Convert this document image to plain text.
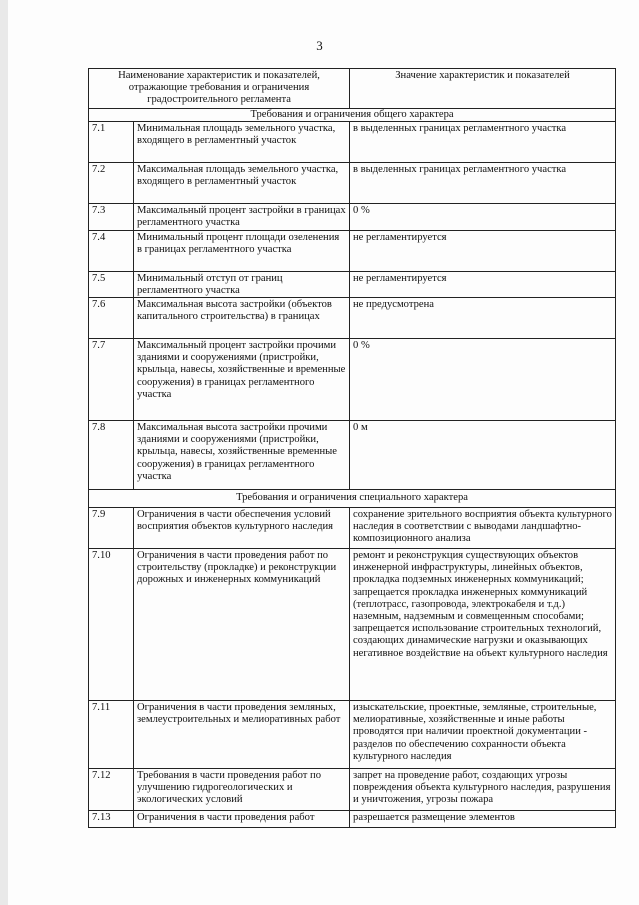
3
Наименование характеристик и показателей, отражающие требования и ограничения градостроительного регламента		Значение характеристик и показателей
Требования и ограничения общего характера		
7.1	Минимальная площадь земельного участка, входящего в регламентный участок	в выделенных границах регламентного участка
7.2	Максимальная площадь земельного участка, входящего в регламентный участок	в выделенных границах регламентного участка
7.3	Максимальный процент застройки в границах регламентного участка	0 %
7.4	Минимальный процент площади озеленения в границах регламентного участка	не регламентируется
7.5	Минимальный отступ от границ регламентного участка	не регламентируется
7.6	Максимальная высота застройки (объектов капитального строительства) в границах	не предусмотрена
7.7	Максимальный процент застройки прочими зданиями и сооружениями (пристройки, крыльца, навесы, хозяйственные и временные сооружения) в границах регламентного участка	0 %
7.8	Максимальная высота застройки прочими зданиями и сооружениями (пристройки, крыльца, навесы, хозяйственные временные сооружения) в границах регламентного участка	0 м
Требования и ограничения специального характера		
7.9	Ограничения в части обеспечения условий восприятия объектов культурного наследия	сохранение зрительного восприятия объекта культурного наследия в соответствии с выводами ландшафтно-композиционного анализа
7.10	Ограничения в части проведения работ по строительству (прокладке) и реконструкции дорожных и инженерных коммуникаций	ремонт и реконструкция существующих объектов инженерной инфраструктуры, линейных объектов, прокладка подземных инженерных коммуникаций; запрещается прокладка инженерных коммуникаций (теплотрасс, газопровода, электрокабеля и т.д.) наземным, надземным и совмещенным способами; запрещается использование строительных технологий, создающих динамические нагрузки и оказывающих негативное воздействие на объект культурного наследия
7.11	Ограничения в части проведения земляных, землеустроительных и мелиоративных работ	изыскательские, проектные, земляные, строительные, мелиоративные, хозяйственные и иные работы проводятся при наличии проектной документации - разделов по обеспечению сохранности объекта культурного наследия
7.12	Требования в части проведения работ по улучшению гидрогеологических и экологических условий	запрет на проведение работ, создающих угрозы повреждения объекта культурного наследия, разрушения и уничтожения, угрозы пожара
7.13	Ограничения в части проведения работ	разрешается размещение элементов
